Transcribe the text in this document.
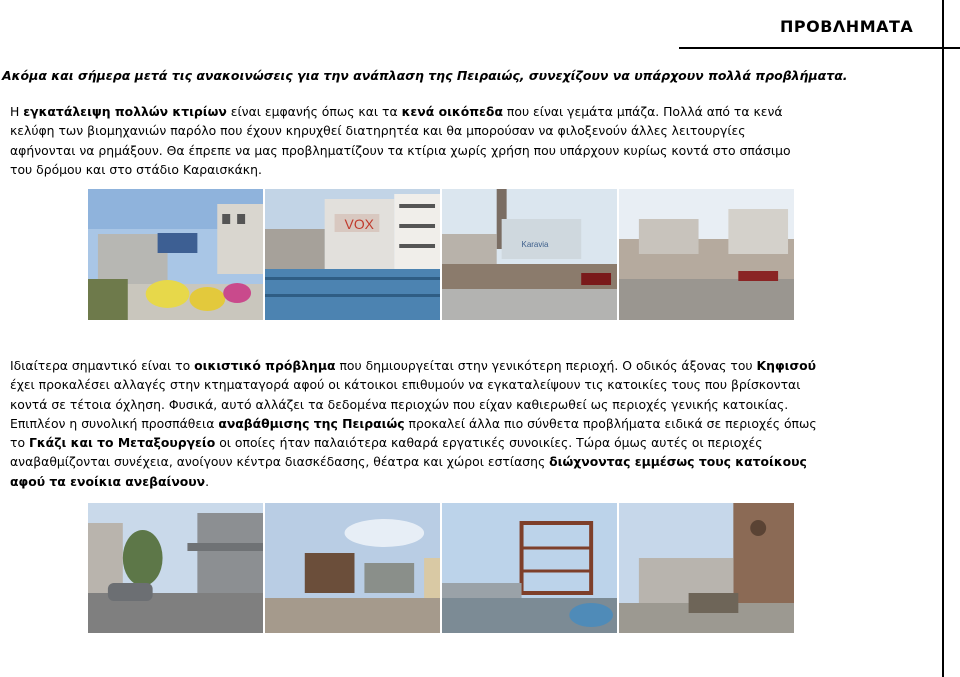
ΠΡΟΒΛΗΜΑΤΑ
Ακόμα και σήμερα μετά τις ανακοινώσεις για την ανάπλαση της Πειραιώς, συνεχίζουν να υπάρχουν πολλά προβλήματα.
Η εγκατάλειψη πολλών κτιρίων είναι εμφανής όπως και τα κενά οικόπεδα που είναι γεμάτα μπάζα. Πολλά από τα κενά κελύφη των βιομηχανιών παρόλο που έχουν κηρυχθεί διατηρητέα και θα μπορούσαν να φιλοξενούν άλλες λειτουργίες αφήνονται να ρημάξουν. Θα έπρεπε να μας προβληματίζουν τα κτίρια χωρίς χρήση που υπάρχουν κυρίως κοντά στο σπάσιμο του δρόμου και στο στάδιο Καραισκάκη.
VOX
Karavia
Ιδιαίτερα σημαντικό είναι το οικιστικό πρόβλημα που δημιουργείται στην γενικότερη περιοχή. Ο οδικός άξονας του Κηφισού έχει προκαλέσει αλλαγές στην κτηματαγορά αφού οι κάτοικοι επιθυμούν να εγκαταλείψουν τις κατοικίες τους που βρίσκονται κοντά σε τέτοια όχληση. Φυσικά, αυτό αλλάζει τα δεδομένα περιοχών που είχαν καθιερωθεί ως περιοχές γενικής κατοικίας. Επιπλέον η συνολική προσπάθεια αναβάθμισης της Πειραιώς προκαλεί άλλα πιο σύνθετα προβλήματα ειδικά σε περιοχές όπως το Γκάζι και το Μεταξουργείο οι οποίες ήταν παλαιότερα καθαρά εργατικές συνοικίες. Τώρα όμως αυτές οι περιοχές αναβαθμίζονται συνέχεια, ανοίγουν κέντρα διασκέδασης, θέατρα και χώροι εστίασης διώχνοντας εμμέσως τους κατοίκους αφού τα ενοίκια ανεβαίνουν.
